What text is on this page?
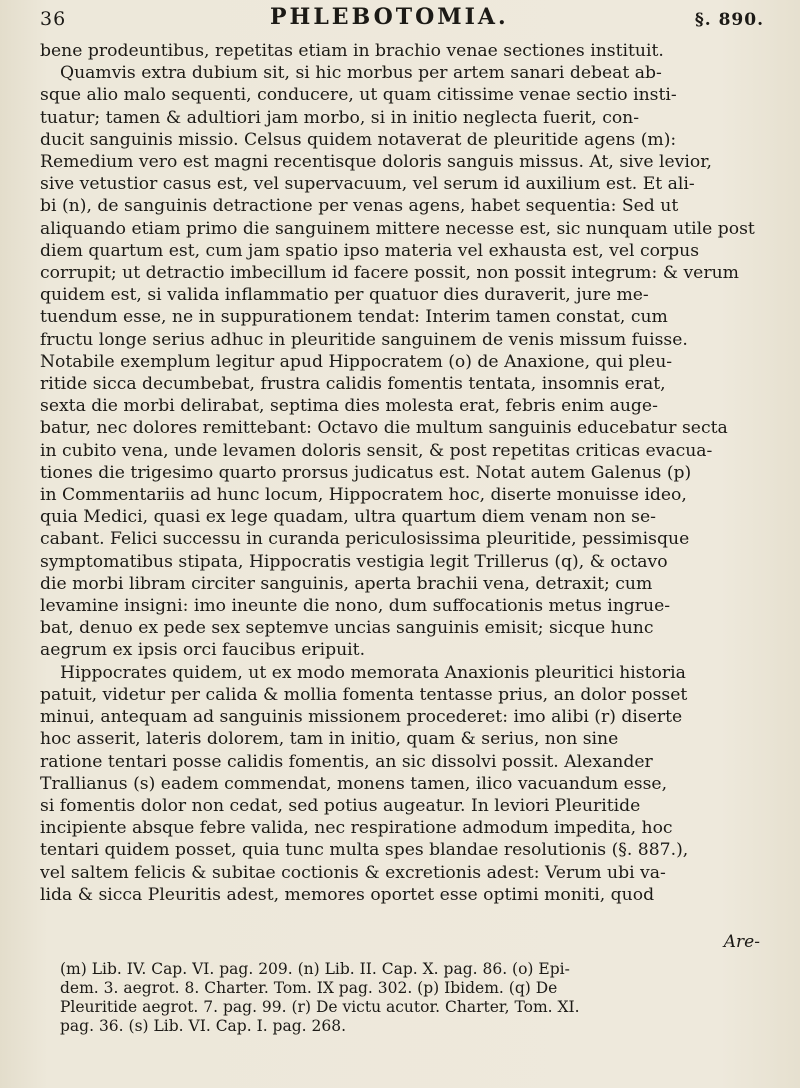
36	PHLEBOTOMIA.	§. 890.
bene prodeuntibus, repetitas etiam in brachio venae sectiones instituit.
Quamvis extra dubium sit, si hic morbus per artem sanari debeat ab-
sque alio malo sequenti, conducere, ut quam citissime venae sectio insti-
tuatur; tamen & adultiori jam morbo, si in initio neglecta fuerit, con-
ducit sanguinis missio. Celsus quidem notaverat de pleuritide agens (m):
Remedium vero est magni recentisque doloris sanguis missus. At, sive levior,
sive vetustior casus est, vel supervacuum, vel serum id auxilium est. Et ali-
bi (n), de sanguinis detractione per venas agens, habet sequentia: Sed ut
aliquando etiam primo die sanguinem mittere necesse est, sic nunquam utile post
diem quartum est, cum jam spatio ipso materia vel exhausta est, vel corpus
corrupit; ut detractio imbecillum id facere possit, non possit integrum: & verum
quidem est, si valida inflammatio per quatuor dies duraverit, jure me-
tuendum esse, ne in suppurationem tendat: Interim tamen constat, cum
fructu longe serius adhuc in pleuritide sanguinem de venis missum fuisse.
Notabile exemplum legitur apud Hippocratem (o) de Anaxione, qui pleu-
ritide sicca decumbebat, frustra calidis fomentis tentata, insomnis erat,
sexta die morbi delirabat, septima dies molesta erat, febris enim auge-
batur, nec dolores remittebant: Octavo die multum sanguinis educebatur secta
in cubito vena, unde levamen doloris sensit, & post repetitas criticas evacua-
tiones die trigesimo quarto prorsus judicatus est. Notat autem Galenus (p)
in Commentariis ad hunc locum, Hippocratem hoc, diserte monuisse ideo,
quia Medici, quasi ex lege quadam, ultra quartum diem venam non se-
cabant. Felici successu in curanda periculosissima pleuritide, pessimisque
symptomatibus stipata, Hippocratis vestigia legit Trillerus (q), & octavo
die morbi libram circiter sanguinis, aperta brachii vena, detraxit; cum
levamine insigni: imo ineunte die nono, dum suffocationis metus ingrue-
bat, denuo ex pede sex septemve uncias sanguinis emisit; sicque hunc
aegrum ex ipsis orci faucibus eripuit.
Hippocrates quidem, ut ex modo memorata Anaxionis pleuritici historia
patuit, videtur per calida & mollia fomenta tentasse prius, an dolor posset
minui, antequam ad sanguinis missionem procederet: imo alibi (r) diserte
hoc asserit, lateris dolorem, tam in initio, quam & serius, non sine
ratione tentari posse calidis fomentis, an sic dissolvi possit. Alexander
Trallianus (s) eadem commendat, monens tamen, ilico vacuandum esse,
si fomentis dolor non cedat, sed potius augeatur. In leviori Pleuritide
incipiente absque febre valida, nec respiratione admodum impedita, hoc
tentari quidem posset, quia tunc multa spes blandae resolutionis (§. 887.),
vel saltem felicis & subitae coctionis & excretionis adest: Verum ubi va-
lida & sicca Pleuritis adest, memores oportet esse optimi moniti, quod
Are-
(m) Lib. IV. Cap. VI. pag. 209. (n) Lib. II. Cap. X. pag. 86. (o) Epi-
dem. 3. aegrot. 8. Charter. Tom. IX pag. 302. (p) Ibidem. (q) De
Pleuritide aegrot. 7. pag. 99. (r) De victu acutor. Charter, Tom. XI.
pag. 36. (s) Lib. VI. Cap. I. pag. 268.
